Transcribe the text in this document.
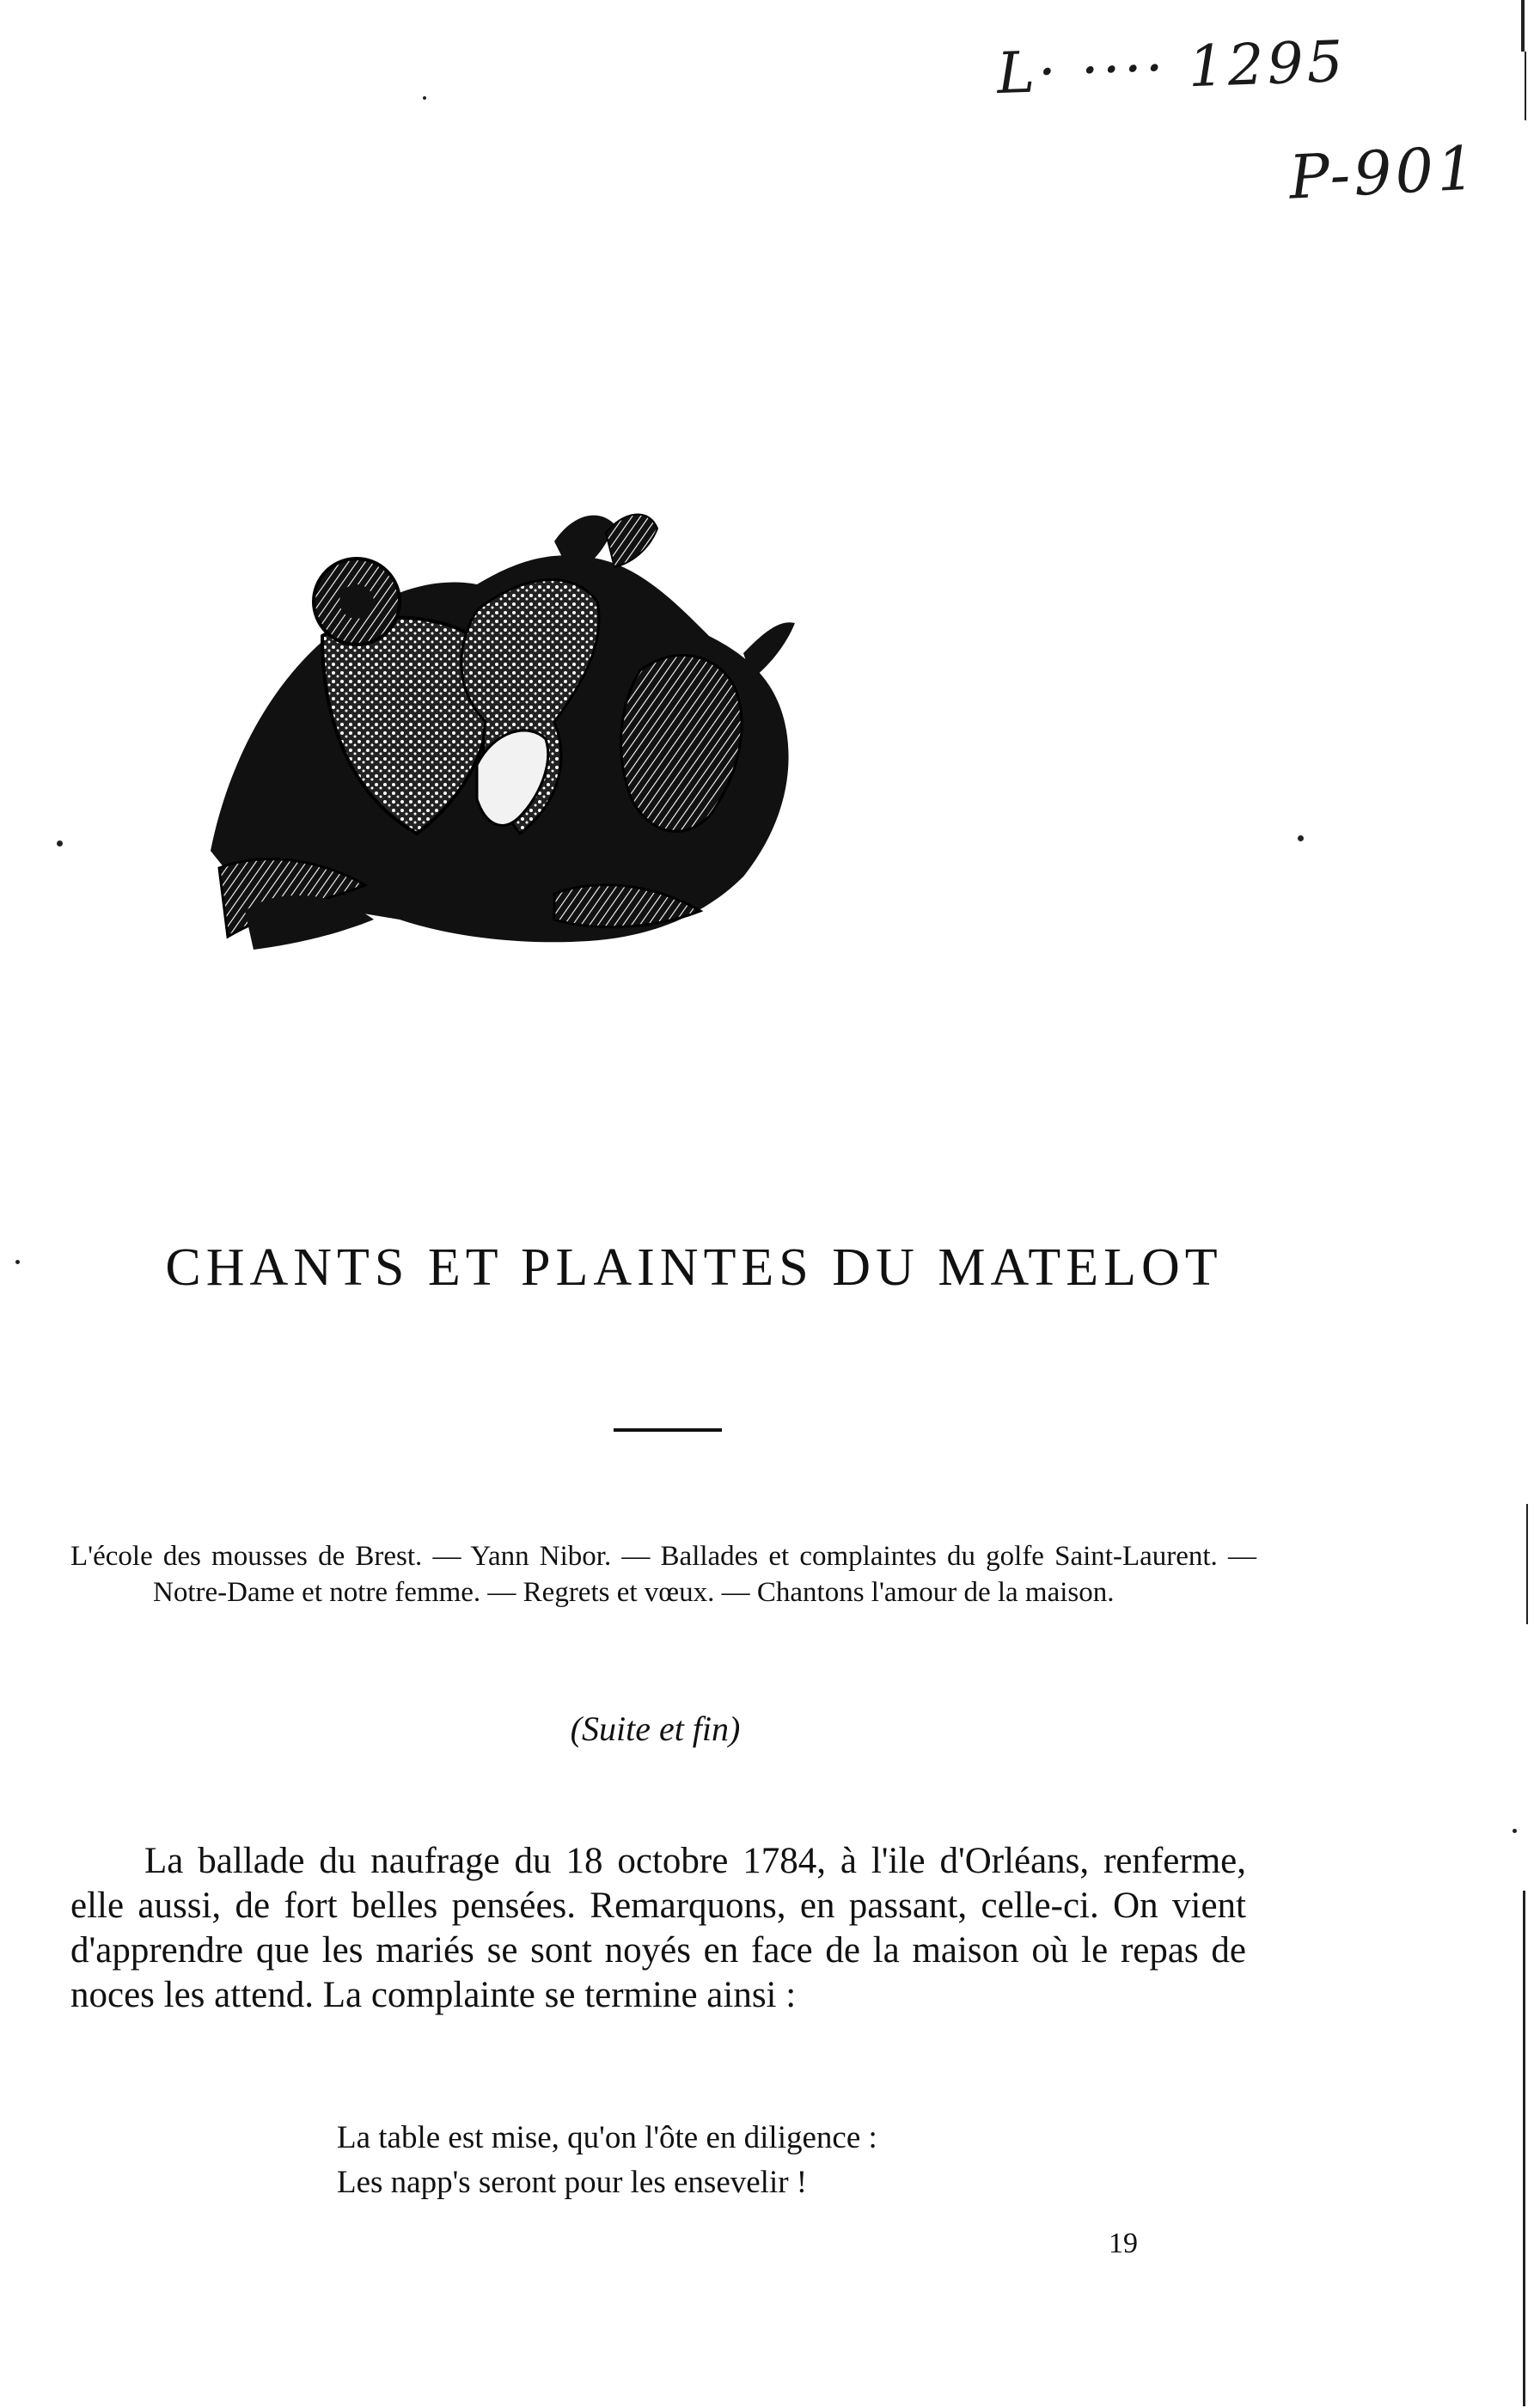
L· ···· 1295
P-901
CHANTS ET PLAINTES DU MATELOT
L'école des mousses de Brest. — Yann Nibor. — Ballades et complaintes du golfe Saint-Laurent. — Notre-Dame et notre femme. — Regrets et vœux. — Chantons l'amour de la maison.
(Suite et fin)

La ballade du naufrage du 18 octobre 1784, à l'ile d'Orléans, renferme, elle aussi, de fort belles pensées. Remarquons, en passant, celle-ci. On vient d'apprendre que les mariés se sont noyés en face de la maison où le repas de noces les attend. La complainte se termine ainsi :

La table est mise, qu'on l'ôte en diligence :
Les napp's seront pour les ensevelir !
19
